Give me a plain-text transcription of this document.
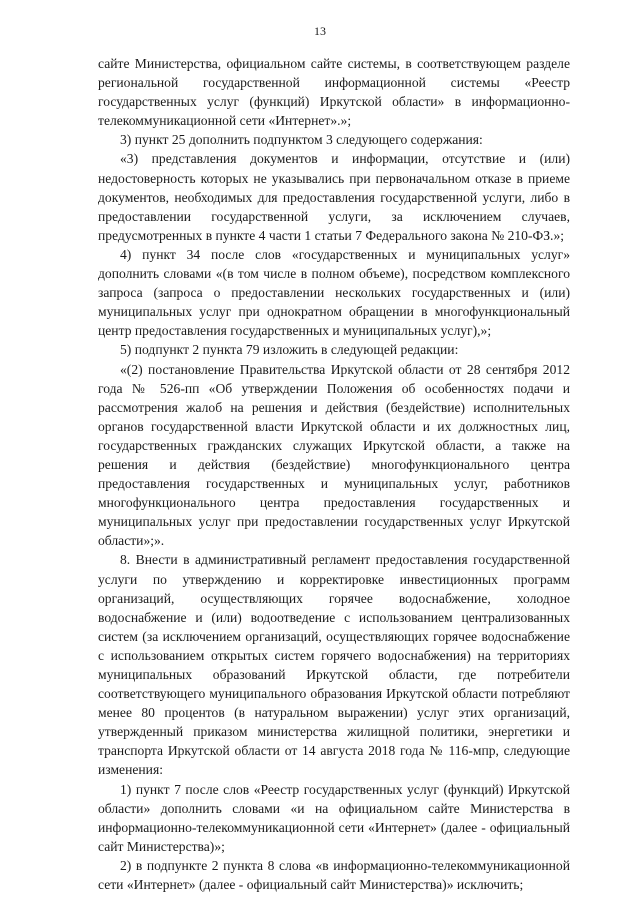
13

сайте Министерства, официальном сайте системы, в соответствующем разделе региональной государственной информационной системы «Реестр государственных услуг (функций) Иркутской области» в информационно-телекоммуникационной сети «Интернет».»;

3) пункт 25 дополнить подпунктом 3 следующего содержания:

«3) представления документов и информации, отсутствие и (или) недостоверность которых не указывались при первоначальном отказе в приеме документов, необходимых для предоставления государственной услуги, либо в предоставлении государственной услуги, за исключением случаев, предусмотренных в пункте 4 части 1 статьи 7 Федерального закона № 210-ФЗ.»;

4) пункт 34 после слов «государственных и муниципальных услуг» дополнить словами «(в том числе в полном объеме), посредством комплексного запроса (запроса о предоставлении нескольких государственных и (или) муниципальных услуг при однократном обращении в многофункциональный центр предоставления государственных и муниципальных услуг),»;

5) подпункт 2 пункта 79 изложить в следующей редакции:

«(2) постановление Правительства Иркутской области от 28 сентября 2012 года № 526-пп «Об утверждении Положения об особенностях подачи и рассмотрения жалоб на решения и действия (бездействие) исполнительных органов государственной власти Иркутской области и их должностных лиц, государственных гражданских служащих Иркутской области, а также на решения и действия (бездействие) многофункционального центра предоставления государственных и муниципальных услуг, работников многофункционального центра предоставления государственных и муниципальных услуг при предоставлении государственных услуг Иркутской области»;».

8. Внести в административный регламент предоставления государственной услуги по утверждению и корректировке инвестиционных программ организаций, осуществляющих горячее водоснабжение, холодное водоснабжение и (или) водоотведение с использованием централизованных систем (за исключением организаций, осуществляющих горячее водоснабжение с использованием открытых систем горячего водоснабжения) на территориях муниципальных образований Иркутской области, где потребители соответствующего муниципального образования Иркутской области потребляют менее 80 процентов (в натуральном выражении) услуг этих организаций, утвержденный приказом министерства жилищной политики, энергетики и транспорта Иркутской области от 14 августа 2018 года № 116-мпр, следующие изменения:

1) пункт 7 после слов «Реестр государственных услуг (функций) Иркутской области» дополнить словами «и на официальном сайте Министерства в информационно-телекоммуникационной сети «Интернет» (далее - официальный сайт Министерства)»;

2) в подпункте 2 пункта 8 слова «в информационно-телекоммуникационной сети «Интернет» (далее - официальный сайт Министерства)» исключить;
